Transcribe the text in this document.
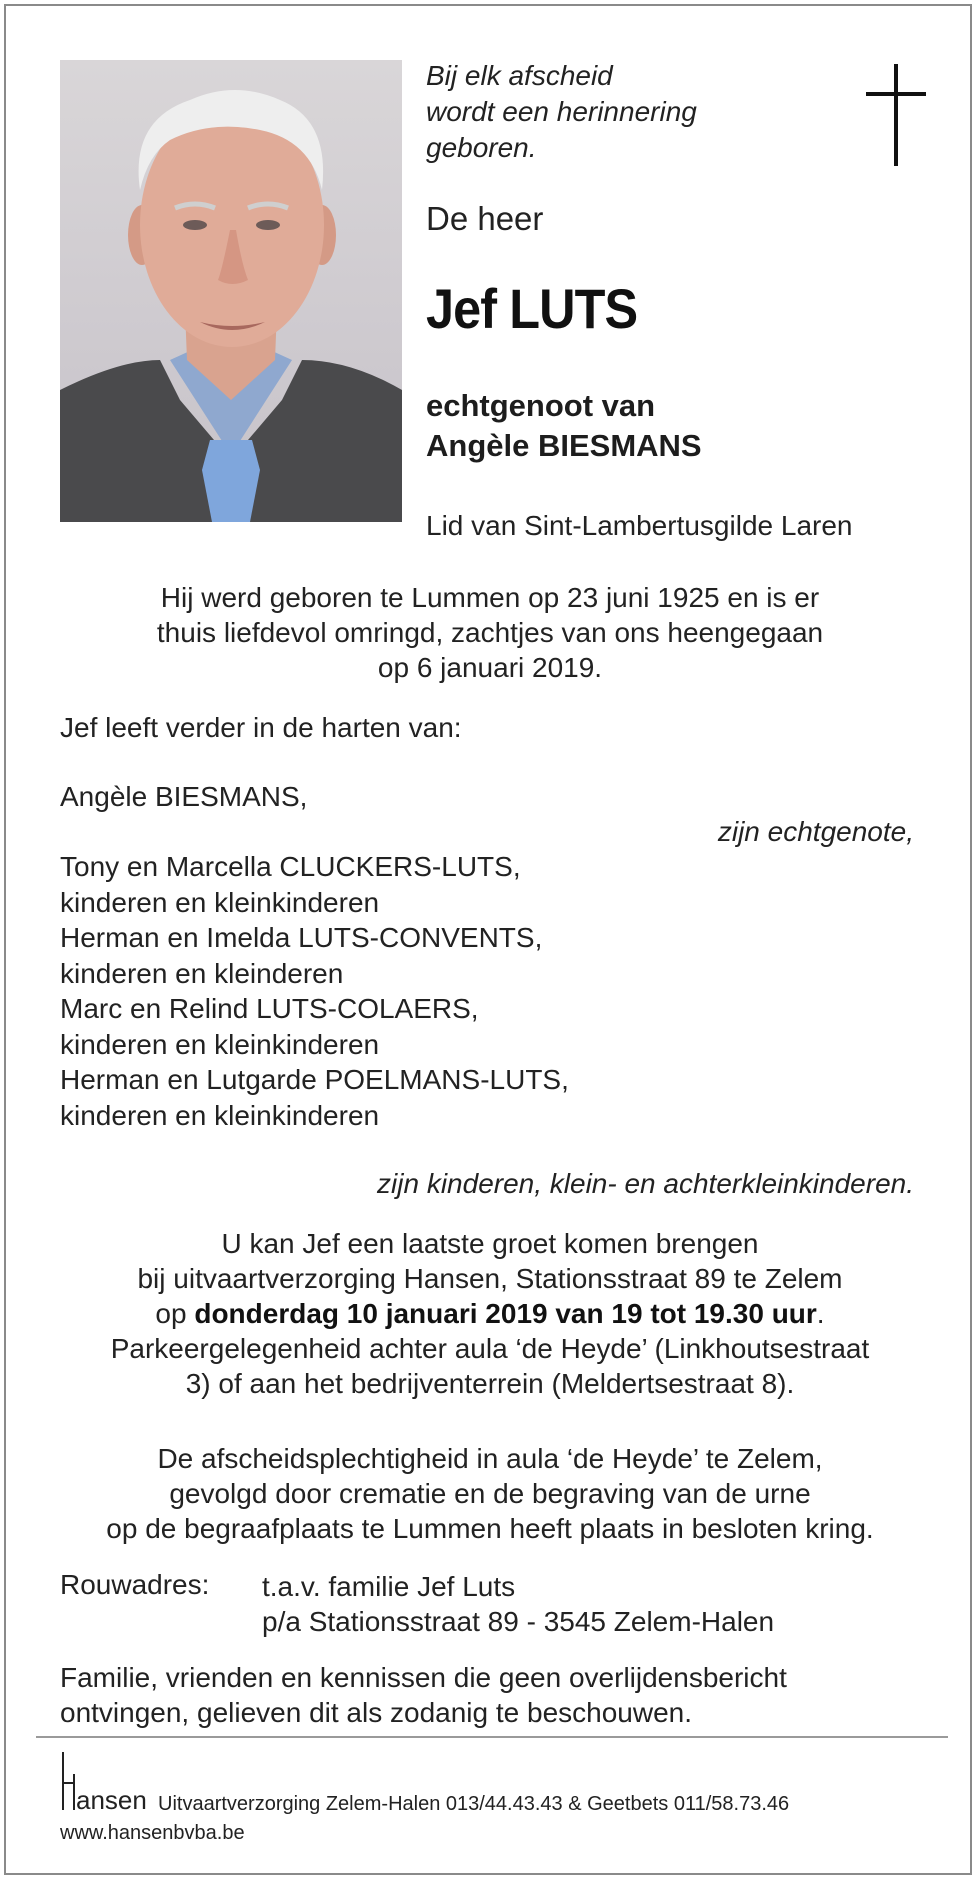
Bij elk afscheid
wordt een herinnering
geboren.
De heer
Jef LUTS
echtgenoot van
Angèle BIESMANS
Lid van Sint-Lambertusgilde Laren
Hij werd geboren te Lummen op 23 juni 1925 en is er
thuis liefdevol omringd, zachtjes van ons heengegaan
op 6 januari 2019.
Jef leeft verder in de harten van:
Angèle BIESMANS,
zijn echtgenote,
Tony en Marcella CLUCKERS-LUTS,
kinderen en kleinkinderen
Herman en Imelda LUTS-CONVENTS,
kinderen en kleinderen
Marc en Relind LUTS-COLAERS,
kinderen en kleinkinderen
Herman en Lutgarde POELMANS-LUTS,
kinderen en kleinkinderen
zijn kinderen, klein- en achterkleinkinderen.
U kan Jef een laatste groet komen brengen
bij uitvaartverzorging Hansen, Stationsstraat 89 te Zelem
op donderdag 10 januari 2019 van 19 tot 19.30 uur.
Parkeergelegenheid achter aula ‘de Heyde’ (Linkhoutsestraat
3) of aan het bedrijventerrein (Meldertsestraat 8).
De afscheidsplechtigheid in aula ‘de Heyde’ te Zelem,
gevolgd door crematie en de begraving van de urne
op de begraafplaats te Lummen heeft plaats in besloten kring.
Rouwadres: t.a.v. familie Jef Luts
p/a Stationsstraat 89 - 3545 Zelem-Halen
Familie, vrienden en kennissen die geen overlijdensbericht
ontvingen, gelieven dit als zodanig te beschouwen.
ansen Uitvaartverzorging Zelem-Halen 013/44.43.43 & Geetbets 011/58.73.46
www.hansenbvba.be
